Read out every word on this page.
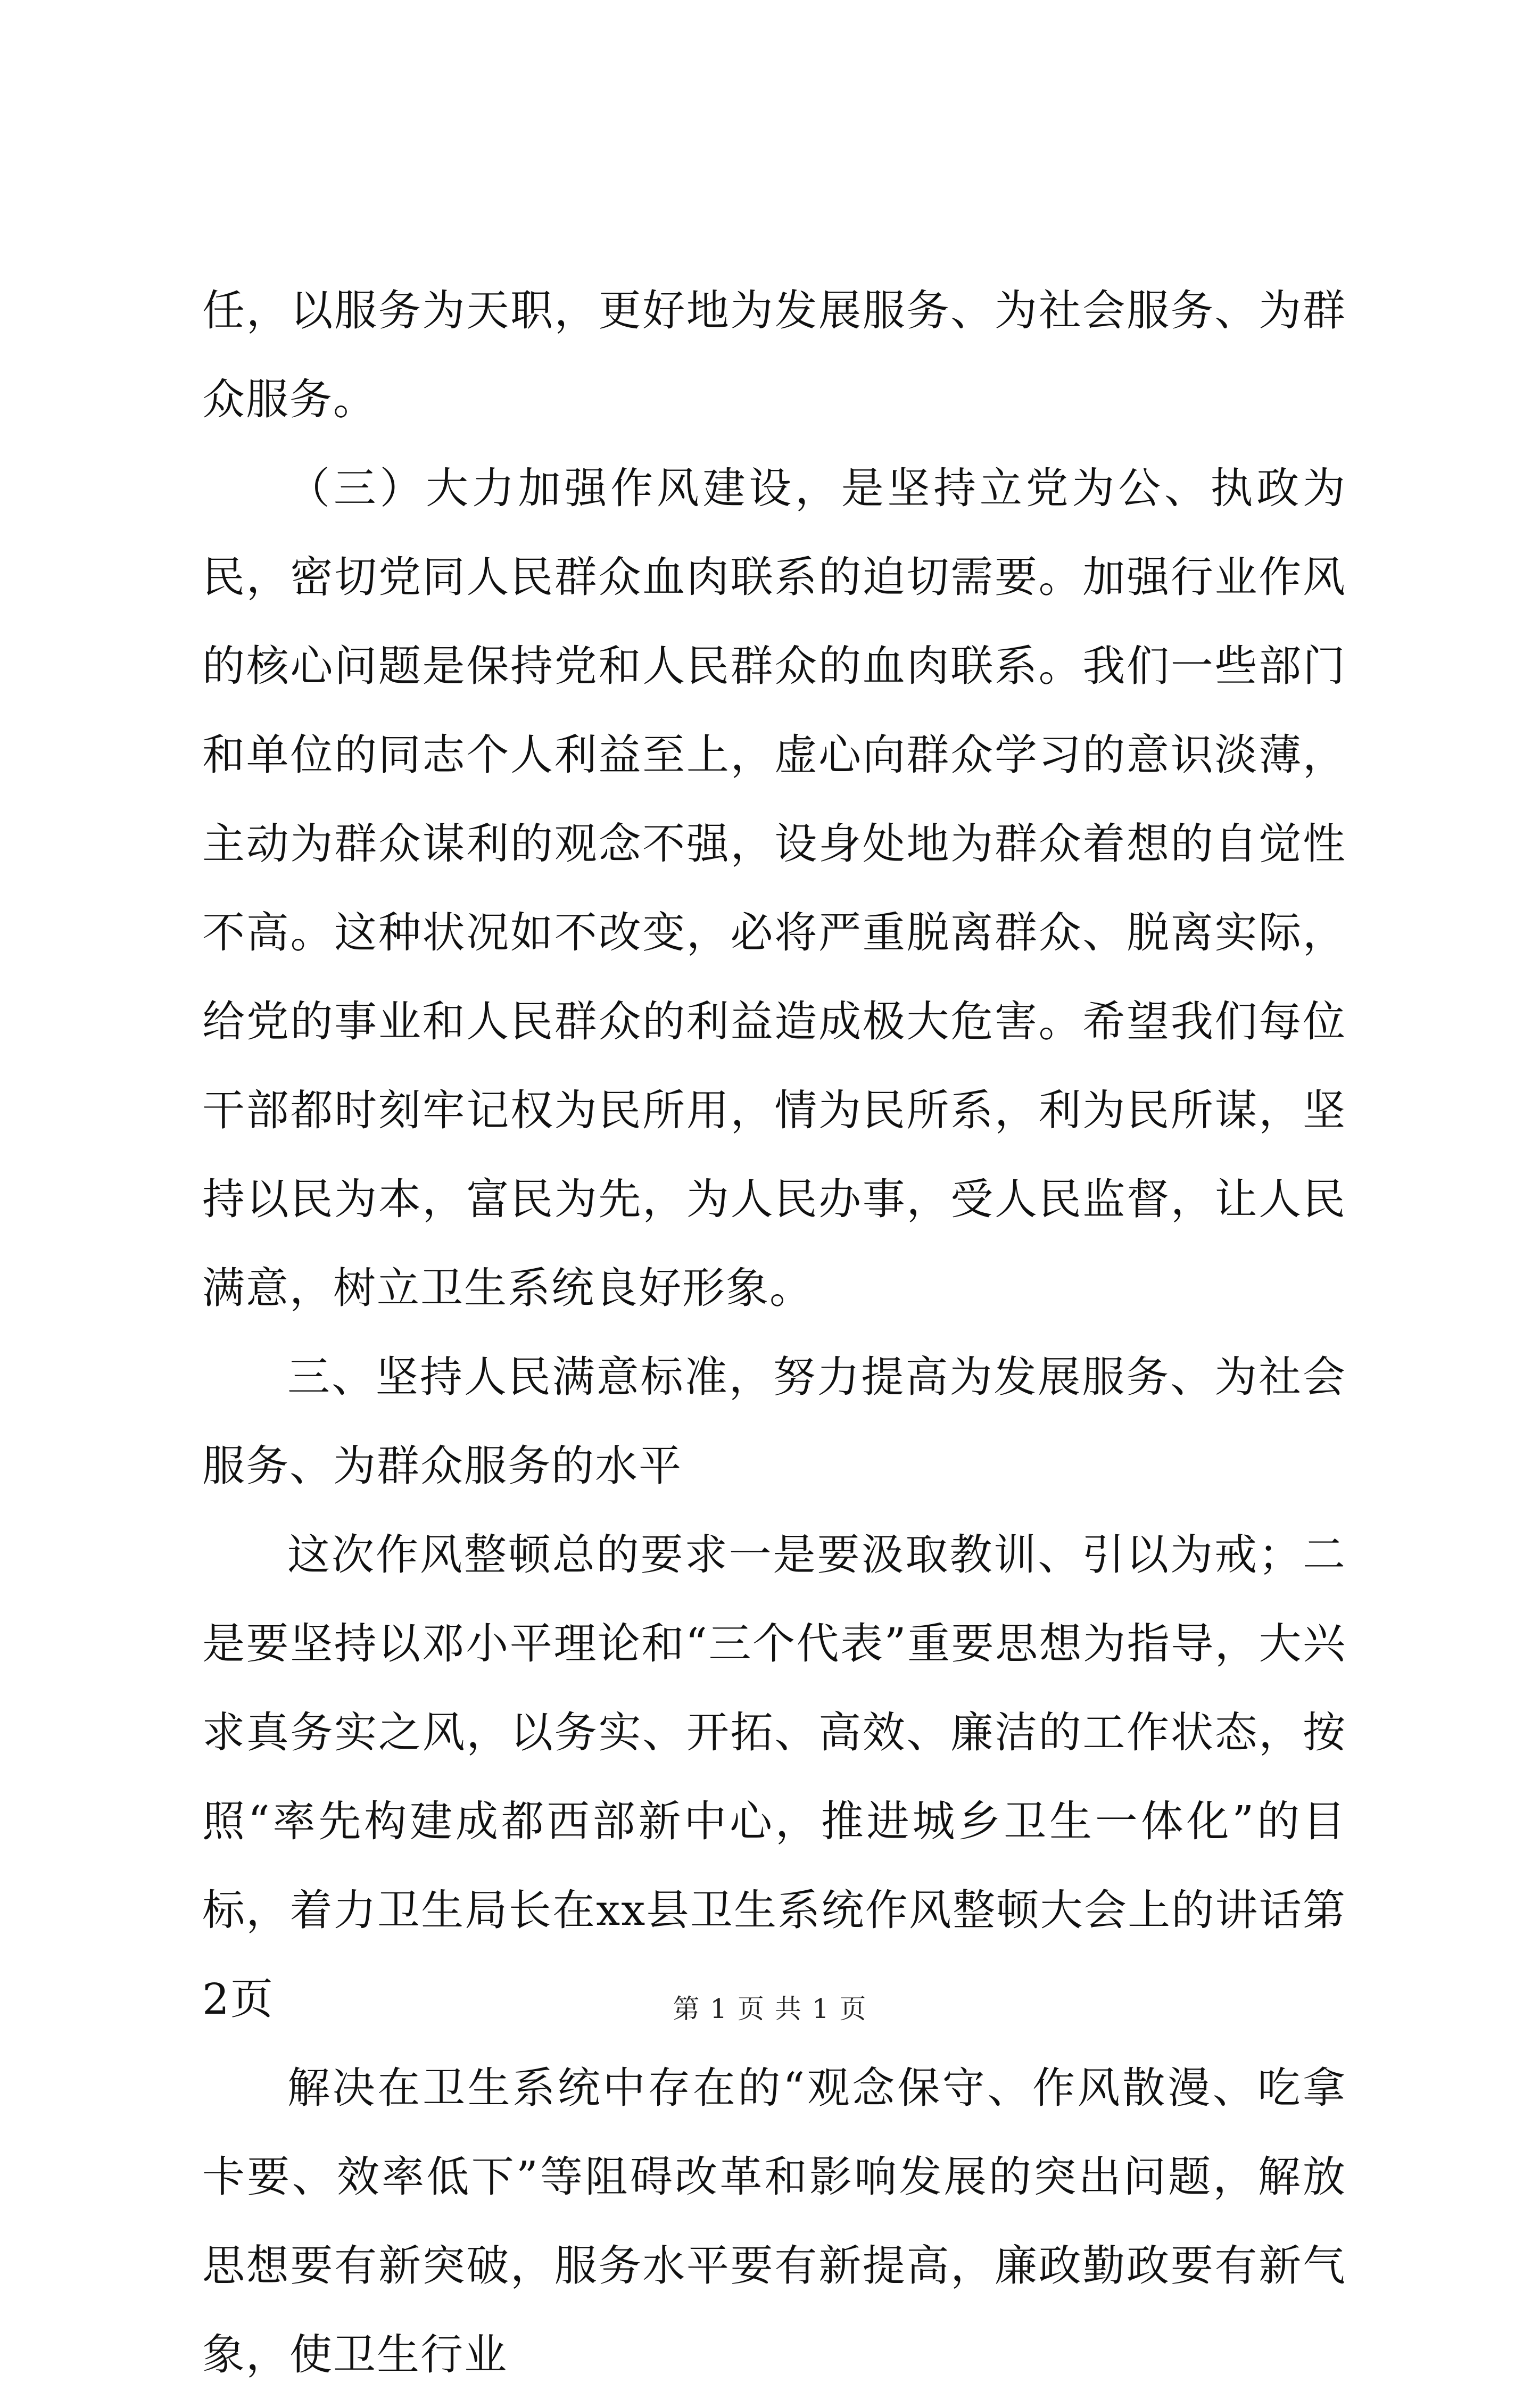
任，以服务为天职，更好地为发展服务、为社会服务、为群众服务。

（三）大力加强作风建设，是坚持立党为公、执政为民，密切党同人民群众血肉联系的迫切需要。加强行业作风的核心问题是保持党和人民群众的血肉联系。我们一些部门和单位的同志个人利益至上，虚心向群众学习的意识淡薄，主动为群众谋利的观念不强，设身处地为群众着想的自觉性不高。这种状况如不改变，必将严重脱离群众、脱离实际，给党的事业和人民群众的利益造成极大危害。希望我们每位干部都时刻牢记权为民所用，情为民所系，利为民所谋，坚持以民为本，富民为先，为人民办事，受人民监督，让人民满意，树立卫生系统良好形象。

三、坚持人民满意标准，努力提高为发展服务、为社会服务、为群众服务的水平

这次作风整顿总的要求一是要汲取教训、引以为戒；二是要坚持以邓小平理论和“三个代表”重要思想为指导，大兴求真务实之风，以务实、开拓、高效、廉洁的工作状态，按照“率先构建成都西部新中心，推进城乡卫生一体化”的目标，着力卫生局长在xx县卫生系统作风整顿大会上的讲话第2页

解决在卫生系统中存在的“观念保守、作风散漫、吃拿卡要、效率低下”等阻碍改革和影响发展的突出问题，解放思想要有新突破，服务水平要有新提高，廉政勤政要有新气象，使卫生行业

第 1 页 共 1 页
